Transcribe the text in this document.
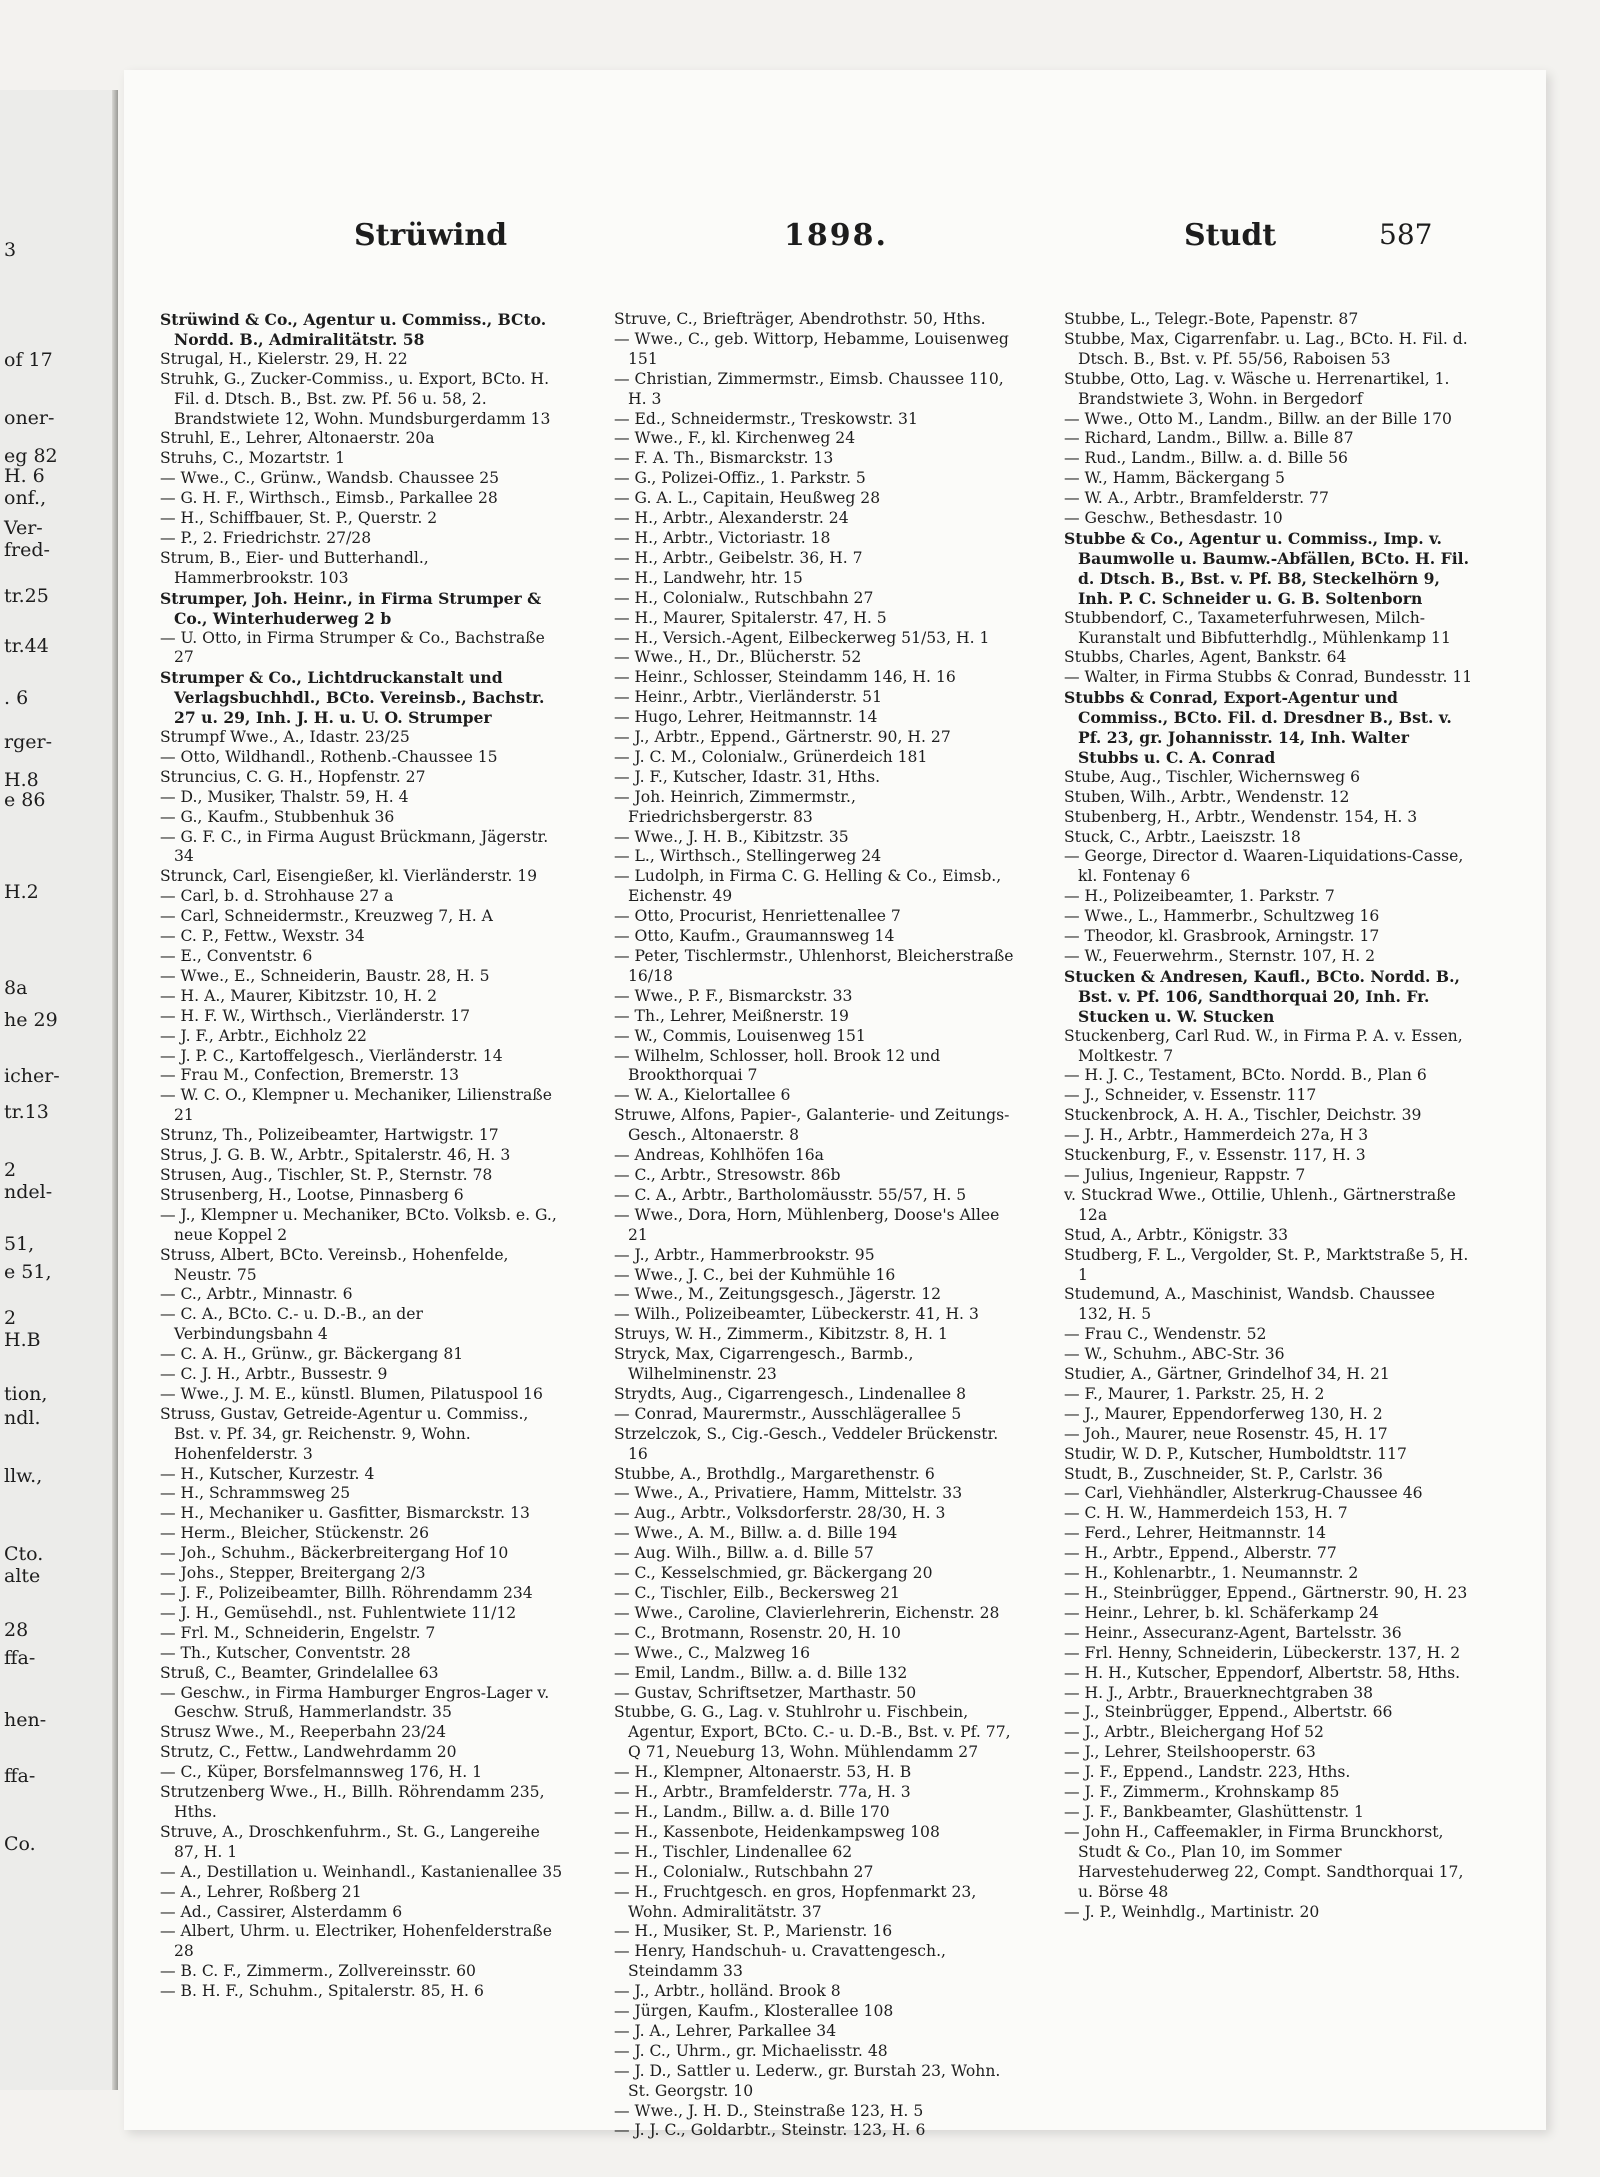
3
of 17
oner-
eg 82
H. 6
onf.,
Ver-
fred-
tr.25
tr.44
. 6
rger-
H.8
e 86
H.2
8a
he 29
icher-
tr.13
2
ndel-
51,
e 51,
2
H.B
tion,
ndl.
llw.,
Cto.
alte
28
ffa-
hen-
ffa-
Co.
Strüwind	1898.	Studt	587
Strüwind & Co., Agentur u. Commiss., BCto. Nordd. B., Admiralitätstr. 58
Strugal, H., Kielerstr. 29, H. 22
Struhk, G., Zucker-Commiss., u. Export, BCto. H. Fil. d. Dtsch. B., Bst. zw. Pf. 56 u. 58, 2. Brandstwiete 12, Wohn. Mundsburgerdamm 13
Struhl, E., Lehrer, Altonaerstr. 20a
Struhs, C., Mozartstr. 1
— Wwe., C., Grünw., Wandsb. Chaussee 25
— G. H. F., Wirthsch., Eimsb., Parkallee 28
— H., Schiffbauer, St. P., Querstr. 2
— P., 2. Friedrichstr. 27/28
Strum, B., Eier- und Butterhandl., Hammerbrookstr. 103
Strumper, Joh. Heinr., in Firma Strumper & Co., Winterhuderweg 2 b
— U. Otto, in Firma Strumper & Co., Bachstraße 27
Strumper & Co., Lichtdruckanstalt und Verlagsbuchhdl., BCto. Vereinsb., Bachstr. 27 u. 29, Inh. J. H. u. U. O. Strumper
Strumpf Wwe., A., Idastr. 23/25
— Otto, Wildhandl., Rothenb.-Chaussee 15
Struncius, C. G. H., Hopfenstr. 27
— D., Musiker, Thalstr. 59, H. 4
— G., Kaufm., Stubbenhuk 36
— G. F. C., in Firma August Brückmann, Jägerstr. 34
Strunck, Carl, Eisengießer, kl. Vierländerstr. 19
— Carl, b. d. Strohhause 27 a
— Carl, Schneidermstr., Kreuzweg 7, H. A
— C. P., Fettw., Wexstr. 34
— E., Conventstr. 6
— Wwe., E., Schneiderin, Baustr. 28, H. 5
— H. A., Maurer, Kibitzstr. 10, H. 2
— H. F. W., Wirthsch., Vierländerstr. 17
— J. F., Arbtr., Eichholz 22
— J. P. C., Kartoffelgesch., Vierländerstr. 14
— Frau M., Confection, Bremerstr. 13
— W. C. O., Klempner u. Mechaniker, Lilienstraße 21
Strunz, Th., Polizeibeamter, Hartwigstr. 17
Strus, J. G. B. W., Arbtr., Spitalerstr. 46, H. 3
Strusen, Aug., Tischler, St. P., Sternstr. 78
Strusenberg, H., Lootse, Pinnasberg 6
— J., Klempner u. Mechaniker, BCto. Volksb. e. G., neue Koppel 2
Struss, Albert, BCto. Vereinsb., Hohenfelde, Neustr. 75
— C., Arbtr., Minnastr. 6
— C. A., BCto. C.- u. D.-B., an der Verbindungsbahn 4
— C. A. H., Grünw., gr. Bäckergang 81
— C. J. H., Arbtr., Bussestr. 9
— Wwe., J. M. E., künstl. Blumen, Pilatuspool 16
Struss, Gustav, Getreide-Agentur u. Commiss., Bst. v. Pf. 34, gr. Reichenstr. 9, Wohn. Hohenfelderstr. 3
— H., Kutscher, Kurzestr. 4
— H., Schrammsweg 25
— H., Mechaniker u. Gasfitter, Bismarckstr. 13
— Herm., Bleicher, Stückenstr. 26
— Joh., Schuhm., Bäckerbreitergang Hof 10
— Johs., Stepper, Breitergang 2/3
— J. F., Polizeibeamter, Billh. Röhrendamm 234
— J. H., Gemüsehdl., nst. Fuhlentwiete 11/12
— Frl. M., Schneiderin, Engelstr. 7
— Th., Kutscher, Conventstr. 28
Struß, C., Beamter, Grindelallee 63
— Geschw., in Firma Hamburger Engros-Lager v. Geschw. Struß, Hammerlandstr. 35
Strusz Wwe., M., Reeperbahn 23/24
Strutz, C., Fettw., Landwehrdamm 20
— C., Küper, Borsfelmannsweg 176, H. 1
Strutzenberg Wwe., H., Billh. Röhrendamm 235, Hths.
Struve, A., Droschkenfuhrm., St. G., Langereihe 87, H. 1
— A., Destillation u. Weinhandl., Kastanienallee 35
— A., Lehrer, Roßberg 21
— Ad., Cassirer, Alsterdamm 6
— Albert, Uhrm. u. Electriker, Hohenfelderstraße 28
— B. C. F., Zimmerm., Zollvereinsstr. 60
— B. H. F., Schuhm., Spitalerstr. 85, H. 6
Struve, C., Briefträger, Abendrothstr. 50, Hths.
— Wwe., C., geb. Wittorp, Hebamme, Louisenweg 151
— Christian, Zimmermstr., Eimsb. Chaussee 110, H. 3
— Ed., Schneidermstr., Treskowstr. 31
— Wwe., F., kl. Kirchenweg 24
— F. A. Th., Bismarckstr. 13
— G., Polizei-Offiz., 1. Parkstr. 5
— G. A. L., Capitain, Heußweg 28
— H., Arbtr., Alexanderstr. 24
— H., Arbtr., Victoriastr. 18
— H., Arbtr., Geibelstr. 36, H. 7
— H., Landwehr, htr. 15
— H., Colonialw., Rutschbahn 27
— H., Maurer, Spitalerstr. 47, H. 5
— H., Versich.-Agent, Eilbeckerweg 51/53, H. 1
— Wwe., H., Dr., Blücherstr. 52
— Heinr., Schlosser, Steindamm 146, H. 16
— Heinr., Arbtr., Vierländerstr. 51
— Hugo, Lehrer, Heitmannstr. 14
— J., Arbtr., Eppend., Gärtnerstr. 90, H. 27
— J. C. M., Colonialw., Grünerdeich 181
— J. F., Kutscher, Idastr. 31, Hths.
— Joh. Heinrich, Zimmermstr., Friedrichsbergerstr. 83
— Wwe., J. H. B., Kibitzstr. 35
— L., Wirthsch., Stellingerweg 24
— Ludolph, in Firma C. G. Helling & Co., Eimsb., Eichenstr. 49
— Otto, Procurist, Henriettenallee 7
— Otto, Kaufm., Graumannsweg 14
— Peter, Tischlermstr., Uhlenhorst, Bleicherstraße 16/18
— Wwe., P. F., Bismarckstr. 33
— Th., Lehrer, Meißnerstr. 19
— W., Commis, Louisenweg 151
— Wilhelm, Schlosser, holl. Brook 12 und Brookthorquai 7
— W. A., Kielortallee 6
Struwe, Alfons, Papier-, Galanterie- und Zeitungs-Gesch., Altonaerstr. 8
— Andreas, Kohlhöfen 16a
— C., Arbtr., Stresowstr. 86b
— C. A., Arbtr., Bartholomäusstr. 55/57, H. 5
— Wwe., Dora, Horn, Mühlenberg, Doose's Allee 21
— J., Arbtr., Hammerbrookstr. 95
— Wwe., J. C., bei der Kuhmühle 16
— Wwe., M., Zeitungsgesch., Jägerstr. 12
— Wilh., Polizeibeamter, Lübeckerstr. 41, H. 3
Struys, W. H., Zimmerm., Kibitzstr. 8, H. 1
Stryck, Max, Cigarrengesch., Barmb., Wilhelminenstr. 23
Strydts, Aug., Cigarrengesch., Lindenallee 8
— Conrad, Maurermstr., Ausschlägerallee 5
Strzelczok, S., Cig.-Gesch., Veddeler Brückenstr. 16
Stubbe, A., Brothdlg., Margarethenstr. 6
— Wwe., A., Privatiere, Hamm, Mittelstr. 33
— Aug., Arbtr., Volksdorferstr. 28/30, H. 3
— Wwe., A. M., Billw. a. d. Bille 194
— Aug. Wilh., Billw. a. d. Bille 57
— C., Kesselschmied, gr. Bäckergang 20
— C., Tischler, Eilb., Beckersweg 21
— Wwe., Caroline, Clavierlehrerin, Eichenstr. 28
— C., Brotmann, Rosenstr. 20, H. 10
— Wwe., C., Malzweg 16
— Emil, Landm., Billw. a. d. Bille 132
— Gustav, Schriftsetzer, Marthastr. 50
Stubbe, G. G., Lag. v. Stuhlrohr u. Fischbein, Agentur, Export, BCto. C.- u. D.-B., Bst. v. Pf. 77, Q 71, Neueburg 13, Wohn. Mühlendamm 27
— H., Klempner, Altonaerstr. 53, H. B
— H., Arbtr., Bramfelderstr. 77a, H. 3
— H., Landm., Billw. a. d. Bille 170
— H., Kassenbote, Heidenkampsweg 108
— H., Tischler, Lindenallee 62
— H., Colonialw., Rutschbahn 27
— H., Fruchtgesch. en gros, Hopfenmarkt 23, Wohn. Admiralitätstr. 37
— H., Musiker, St. P., Marienstr. 16
— Henry, Handschuh- u. Cravattengesch., Steindamm 33
— J., Arbtr., holländ. Brook 8
— Jürgen, Kaufm., Klosterallee 108
— J. A., Lehrer, Parkallee 34
— J. C., Uhrm., gr. Michaelisstr. 48
— J. D., Sattler u. Lederw., gr. Burstah 23, Wohn. St. Georgstr. 10
— Wwe., J. H. D., Steinstraße 123, H. 5
— J. J. C., Goldarbtr., Steinstr. 123, H. 6
Stubbe, L., Telegr.-Bote, Papenstr. 87
Stubbe, Max, Cigarrenfabr. u. Lag., BCto. H. Fil. d. Dtsch. B., Bst. v. Pf. 55/56, Raboisen 53
Stubbe, Otto, Lag. v. Wäsche u. Herrenartikel, 1. Brandstwiete 3, Wohn. in Bergedorf
— Wwe., Otto M., Landm., Billw. an der Bille 170
— Richard, Landm., Billw. a. Bille 87
— Rud., Landm., Billw. a. d. Bille 56
— W., Hamm, Bäckergang 5
— W. A., Arbtr., Bramfelderstr. 77
— Geschw., Bethesdastr. 10
Stubbe & Co., Agentur u. Commiss., Imp. v. Baumwolle u. Baumw.-Abfällen, BCto. H. Fil. d. Dtsch. B., Bst. v. Pf. B8, Steckelhörn 9, Inh. P. C. Schneider u. G. B. Soltenborn
Stubbendorf, C., Taxameterfuhrwesen, Milch-Kuranstalt und Bibfutterhdlg., Mühlenkamp 11
Stubbs, Charles, Agent, Bankstr. 64
— Walter, in Firma Stubbs & Conrad, Bundesstr. 11
Stubbs & Conrad, Export-Agentur und Commiss., BCto. Fil. d. Dresdner B., Bst. v. Pf. 23, gr. Johannisstr. 14, Inh. Walter Stubbs u. C. A. Conrad
Stube, Aug., Tischler, Wichernsweg 6
Stuben, Wilh., Arbtr., Wendenstr. 12
Stubenberg, H., Arbtr., Wendenstr. 154, H. 3
Stuck, C., Arbtr., Laeiszstr. 18
— George, Director d. Waaren-Liquidations-Casse, kl. Fontenay 6
— H., Polizeibeamter, 1. Parkstr. 7
— Wwe., L., Hammerbr., Schultzweg 16
— Theodor, kl. Grasbrook, Arningstr. 17
— W., Feuerwehrm., Sternstr. 107, H. 2
Stucken & Andresen, Kaufl., BCto. Nordd. B., Bst. v. Pf. 106, Sandthorquai 20, Inh. Fr. Stucken u. W. Stucken
Stuckenberg, Carl Rud. W., in Firma P. A. v. Essen, Moltkestr. 7
— H. J. C., Testament, BCto. Nordd. B., Plan 6
— J., Schneider, v. Essenstr. 117
Stuckenbrock, A. H. A., Tischler, Deichstr. 39
— J. H., Arbtr., Hammerdeich 27a, H 3
Stuckenburg, F., v. Essenstr. 117, H. 3
— Julius, Ingenieur, Rappstr. 7
v. Stuckrad Wwe., Ottilie, Uhlenh., Gärtnerstraße 12a
Stud, A., Arbtr., Königstr. 33
Studberg, F. L., Vergolder, St. P., Marktstraße 5, H. 1
Studemund, A., Maschinist, Wandsb. Chaussee 132, H. 5
— Frau C., Wendenstr. 52
— W., Schuhm., ABC-Str. 36
Studier, A., Gärtner, Grindelhof 34, H. 21
— F., Maurer, 1. Parkstr. 25, H. 2
— J., Maurer, Eppendorferweg 130, H. 2
— Joh., Maurer, neue Rosenstr. 45, H. 17
Studir, W. D. P., Kutscher, Humboldtstr. 117
Studt, B., Zuschneider, St. P., Carlstr. 36
— Carl, Viehhändler, Alsterkrug-Chaussee 46
— C. H. W., Hammerdeich 153, H. 7
— Ferd., Lehrer, Heitmannstr. 14
— H., Arbtr., Eppend., Alberstr. 77
— H., Kohlenarbtr., 1. Neumannstr. 2
— H., Steinbrügger, Eppend., Gärtnerstr. 90, H. 23
— Heinr., Lehrer, b. kl. Schäferkamp 24
— Heinr., Assecuranz-Agent, Bartelsstr. 36
— Frl. Henny, Schneiderin, Lübeckerstr. 137, H. 2
— H. H., Kutscher, Eppendorf, Albertstr. 58, Hths.
— H. J., Arbtr., Brauerknechtgraben 38
— J., Steinbrügger, Eppend., Albertstr. 66
— J., Arbtr., Bleichergang Hof 52
— J., Lehrer, Steilshooperstr. 63
— J. F., Eppend., Landstr. 223, Hths.
— J. F., Zimmerm., Krohnskamp 85
— J. F., Bankbeamter, Glashüttenstr. 1
— John H., Caffeemakler, in Firma Brunckhorst, Studt & Co., Plan 10, im Sommer Harvestehuderweg 22, Compt. Sandthorquai 17, u. Börse 48
— J. P., Weinhdlg., Martinistr. 20
